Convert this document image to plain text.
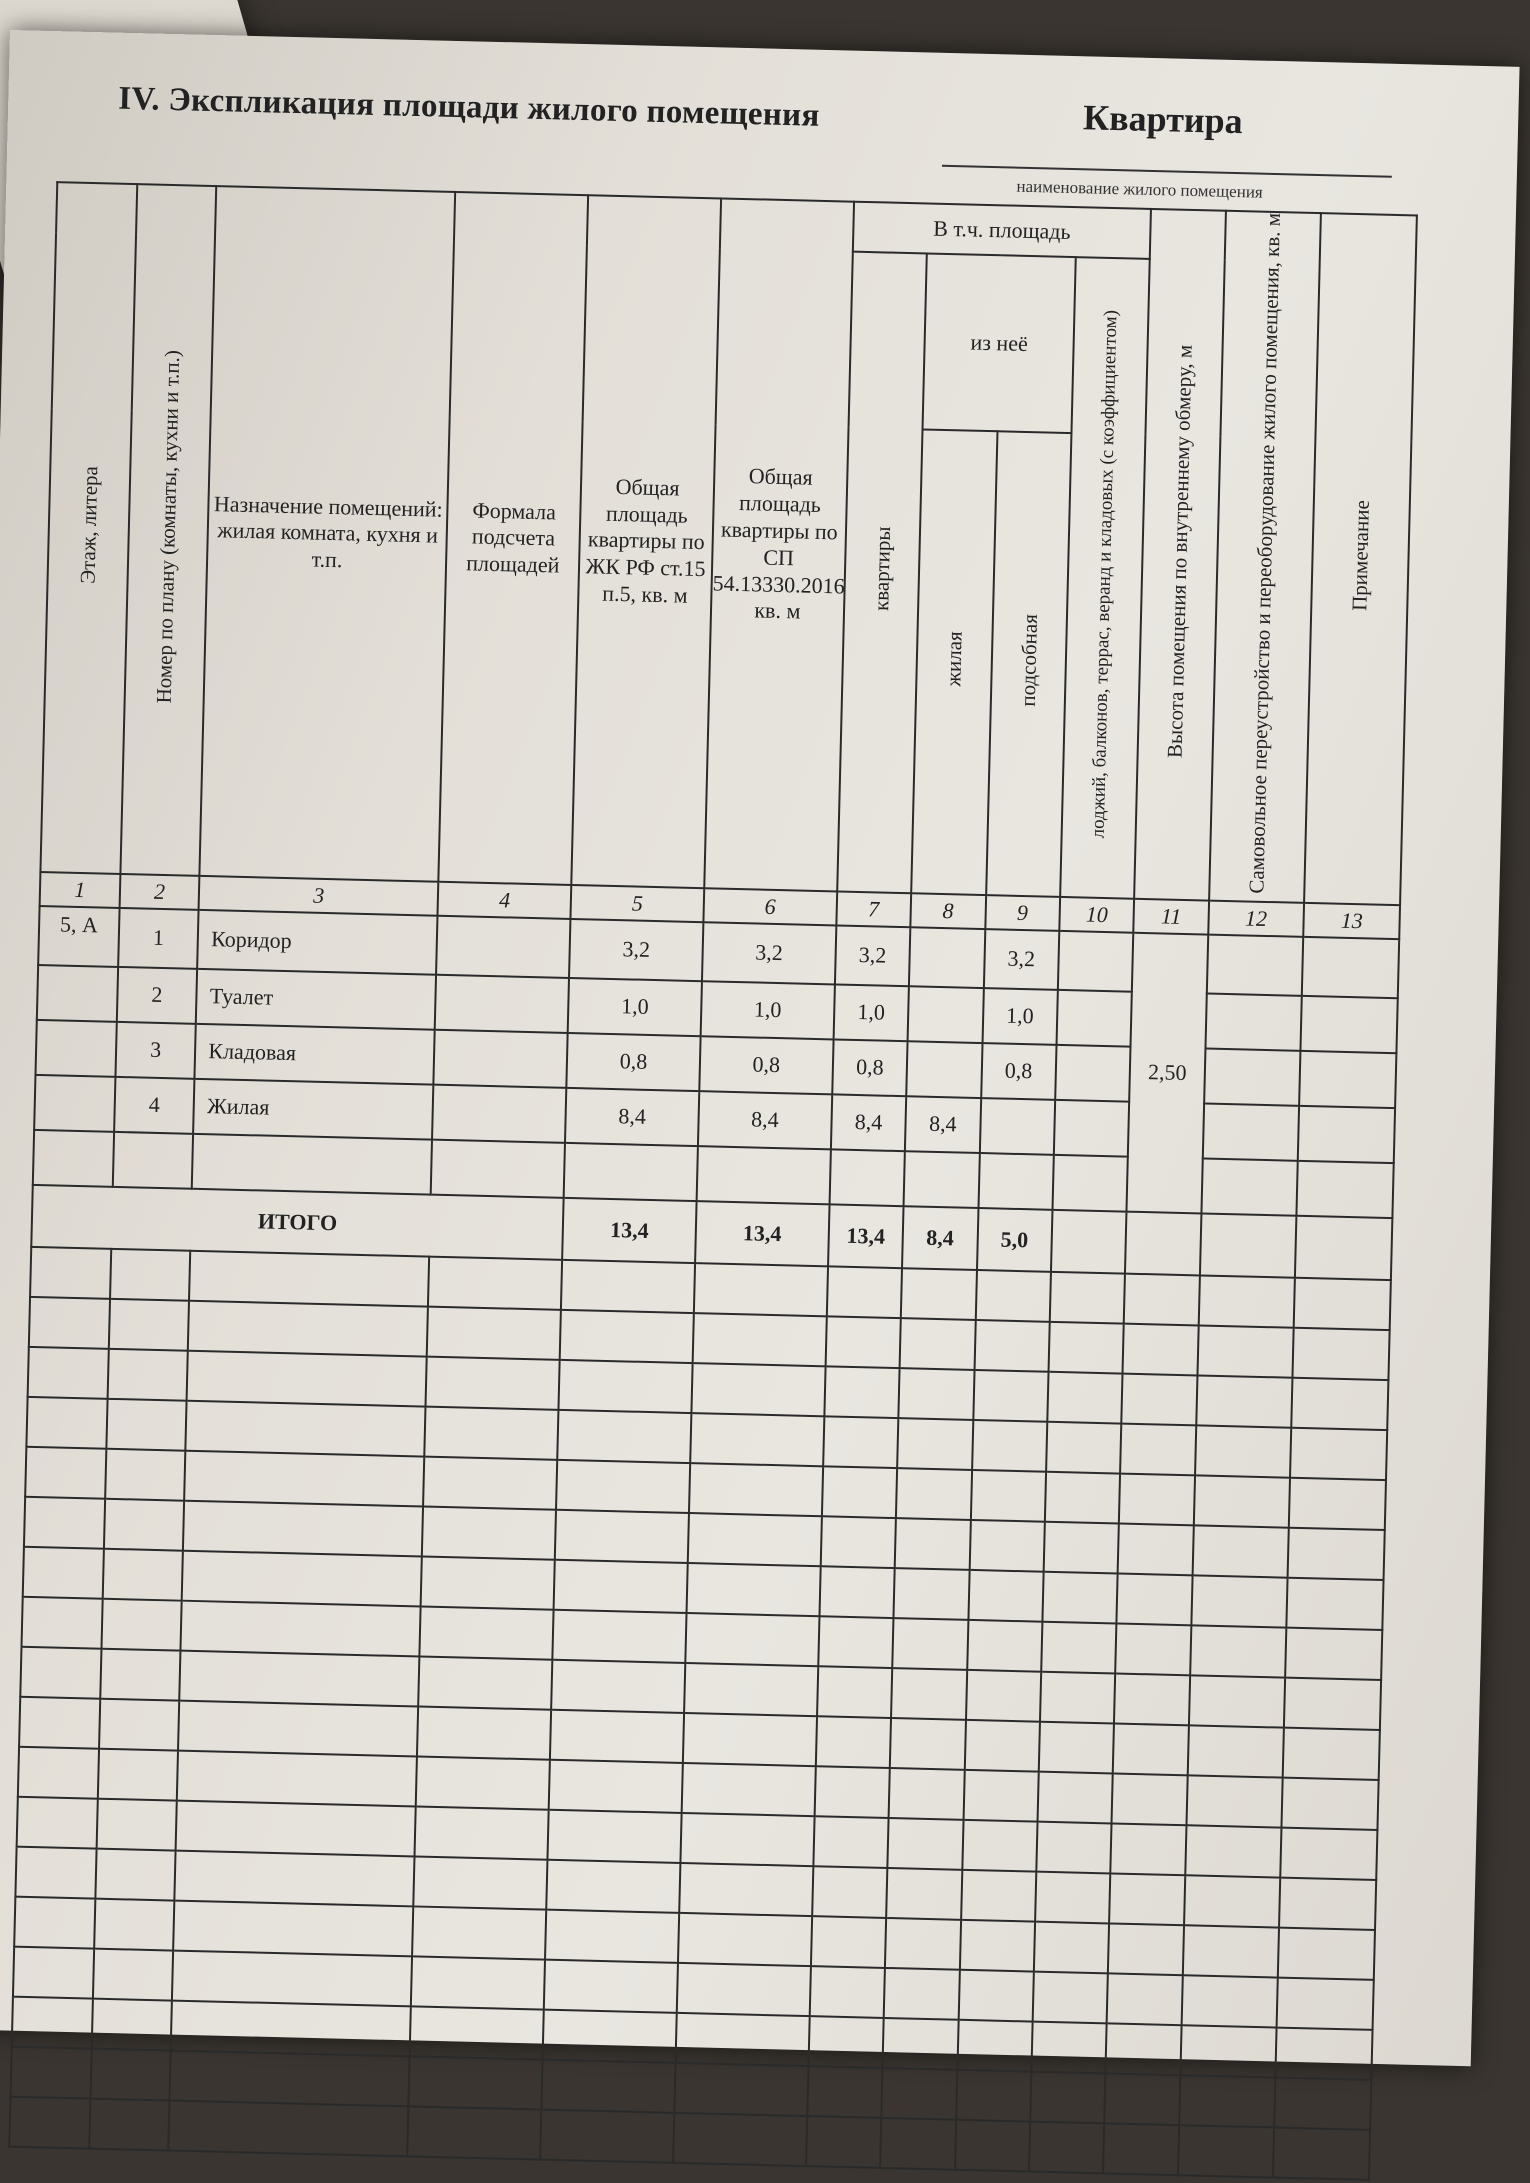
IV. Экспликация площади жилого помещения	Квартира
наименование жилого помещения
Этаж, литера	Номер по плану (комнаты, кухни и т.п.)	Назначение помещений: жилая комната, кухня и т.п.	Формала подсчета площадей	Общая площадь квартиры по ЖК РФ ст.15 п.5, кв. м	Общая площадь квартиры по СП 54.13330.2016, кв. м	В т.ч. площадь				Высота помещения по внутреннему обмеру, м	Самовольное переустройство и переоборудование жилого помещения, кв. м	Примечание
						квартиры	из неё		лоджий, балконов, террас, веранд и кладовых (с коэффициентом)			
							жилая	подсобная				
1	2	3	4	5	6	7	8	9	10	11	12	13
5, А	1	Коридор		3,2	3,2	3,2		3,2		2,50		
	2	Туалет		1,0	1,0	1,0		1,0				
	3	Кладовая		0,8	0,8	0,8		0,8				
	4	Жилая		8,4	8,4	8,4	8,4					

ИТОГО				13,4	13,4	13,4	8,4	5,0				
